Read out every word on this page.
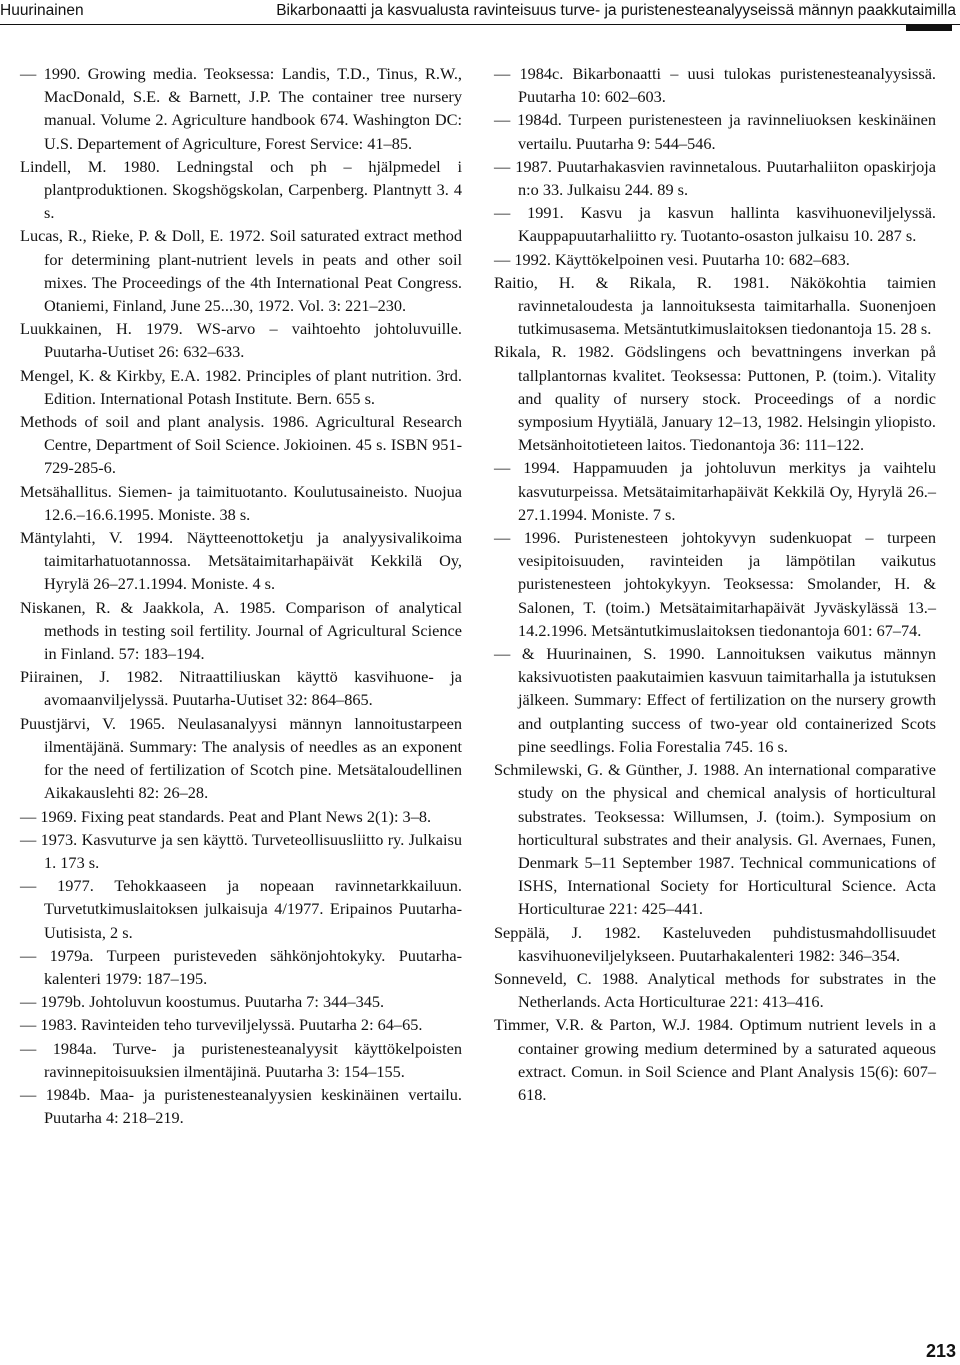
Huurinainen	Bikarbonaatti ja kasvualusta ravinteisuus turve- ja puristenesteanalyyseissä männyn paakkutaimilla

— 1990. Growing media. Teoksessa: Landis, T.D., Tinus, R.W., MacDonald, S.E. & Barnett, J.P. The container tree nursery manual. Volume 2. Agriculture handbook 674. Washington DC: U.S. Departement of Agriculture, Forest Service: 41–85.

Lindell, M. 1980. Ledningstal och ph – hjälpmedel i plantproduktionen. Skogshögskolan, Carpenberg. Plantnytt 3. 4 s.

Lucas, R., Rieke, P. & Doll, E. 1972. Soil saturated extract method for determining plant-nutrient levels in peats and other soil mixes. The Proceedings of the 4th International Peat Congress. Otaniemi, Finland, June 25...30, 1972. Vol. 3: 221–230.

Luukkainen, H. 1979. WS-arvo – vaihtoehto johtoluvuille. Puutarha-Uutiset 26: 632–633.

Mengel, K. & Kirkby, E.A. 1982. Principles of plant nutrition. 3rd. Edition. International Potash Institute. Bern. 655 s.

Methods of soil and plant analysis. 1986. Agricultural Research Centre, Department of Soil Science. Jokioinen. 45 s. ISBN 951-729-285-6.

Metsähallitus. Siemen- ja taimituotanto. Koulutusaineisto. Nuojua 12.6.–16.6.1995. Moniste. 38 s.

Mäntylahti, V. 1994. Näytteenottoketju ja analyysivalikoima taimitarhatuotannossa. Metsätaimitarhapäivät Kekkilä Oy, Hyrylä 26–27.1.1994. Moniste. 4 s.

Niskanen, R. & Jaakkola, A. 1985. Comparison of analytical methods in testing soil fertility. Journal of Agricultural Science in Finland. 57: 183–194.

Piirainen, J. 1982. Nitraattiliuskan käyttö kasvihuone- ja avomaanviljelyssä. Puutarha-Uutiset 32: 864–865.

Puustjärvi, V. 1965. Neulasanalyysi männyn lannoitustarpeen ilmentäjänä. Summary: The analysis of needles as an exponent for the need of fertilization of Scotch pine. Metsätaloudellinen Aikakauslehti 82: 26–28.

— 1969. Fixing peat standards. Peat and Plant News 2(1): 3–8.

— 1973. Kasvuturve ja sen käyttö. Turveteollisuusliitto ry. Julkaisu 1. 173 s.

— 1977. Tehokkaaseen ja nopeaan ravinnetarkkailuun. Turvetutkimuslaitoksen julkaisuja 4/1977. Eripainos Puutarha-Uutisista, 2 s.

— 1979a. Turpeen puristeveden sähkönjohtokyky. Puutarha-kalenteri 1979: 187–195.

— 1979b. Johtoluvun koostumus. Puutarha 7: 344–345.

— 1983. Ravinteiden teho turveviljelyssä. Puutarha 2: 64–65.

— 1984a. Turve- ja puristenesteanalyysit käyttökelpoisten ravinnepitoisuuksien ilmentäjinä. Puutarha 3: 154–155.

— 1984b. Maa- ja puristenesteanalyysien keskinäinen vertailu. Puutarha 4: 218–219.

— 1984c. Bikarbonaatti – uusi tulokas puristenesteanalyysissä. Puutarha 10: 602–603.

— 1984d. Turpeen puristenesteen ja ravinneliuoksen keskinäinen vertailu. Puutarha 9: 544–546.

— 1987. Puutarhakasvien ravinnetalous. Puutarhaliiton opaskirjoja n:o 33. Julkaisu 244. 89 s.

— 1991. Kasvu ja kasvun hallinta kasvihuoneviljelyssä. Kauppapuutarhaliitto ry. Tuotanto-osaston julkaisu 10. 287 s.

— 1992. Käyttökelpoinen vesi. Puutarha 10: 682–683.

Raitio, H. & Rikala, R. 1981. Näkökohtia taimien ravinnetaloudesta ja lannoituksesta taimitarhalla. Suonenjoen tutkimusasema. Metsäntutkimuslaitoksen tiedonantoja 15. 28 s.

Rikala, R. 1982. Gödslingens och bevattningens inverkan på tallplantornas kvalitet. Teoksessa: Puttonen, P. (toim.). Vitality and quality of nursery stock. Proceedings of a nordic symposium Hyytiälä, January 12–13, 1982. Helsingin yliopisto. Metsänhoitotieteen laitos. Tiedonantoja 36: 111–122.

— 1994. Happamuuden ja johtoluvun merkitys ja vaihtelu kasvuturpeissa. Metsätaimitarhapäivät Kekkilä Oy, Hyrylä 26.–27.1.1994. Moniste. 7 s.

— 1996. Puristenesteen johtokyvyn sudenkuopat – turpeen vesipitoisuuden, ravinteiden ja lämpötilan vaikutus puristenesteen johtokykyyn. Teoksessa: Smolander, H. & Salonen, T. (toim.) Metsätaimitarhapäivät Jyväskylässä 13.–14.2.1996. Metsäntutkimuslaitoksen tiedonantoja 601: 67–74.

— & Huurinainen, S. 1990. Lannoituksen vaikutus männyn kaksivuotisten paakutaimien kasvuun taimitarhalla ja istutuksen jälkeen. Summary: Effect of fertilization on the nursery growth and outplanting success of two-year old containerized Scots pine seedlings. Folia Forestalia 745. 16 s.

Schmilewski, G. & Günther, J. 1988. An international comparative study on the physical and chemical analysis of horticultural substrates. Teoksessa: Willumsen, J. (toim.). Symposium on horticultural substrates and their analysis. Gl. Avernaes, Funen, Denmark 5–11 September 1987. Technical communications of ISHS, International Society for Horticultural Science. Acta Horticulturae 221: 425–441.

Seppälä, J. 1982. Kasteluveden puhdistusmahdollisuudet kasvihuoneviljelykseen. Puutarhakalenteri 1982: 346–354.

Sonneveld, C. 1988. Analytical methods for substrates in the Netherlands. Acta Horticulturae 221: 413–416.

Timmer, V.R. & Parton, W.J. 1984. Optimum nutrient levels in a container growing medium determined by a saturated aqueous extract. Comun. in Soil Science and Plant Analysis 15(6): 607–618.

213
